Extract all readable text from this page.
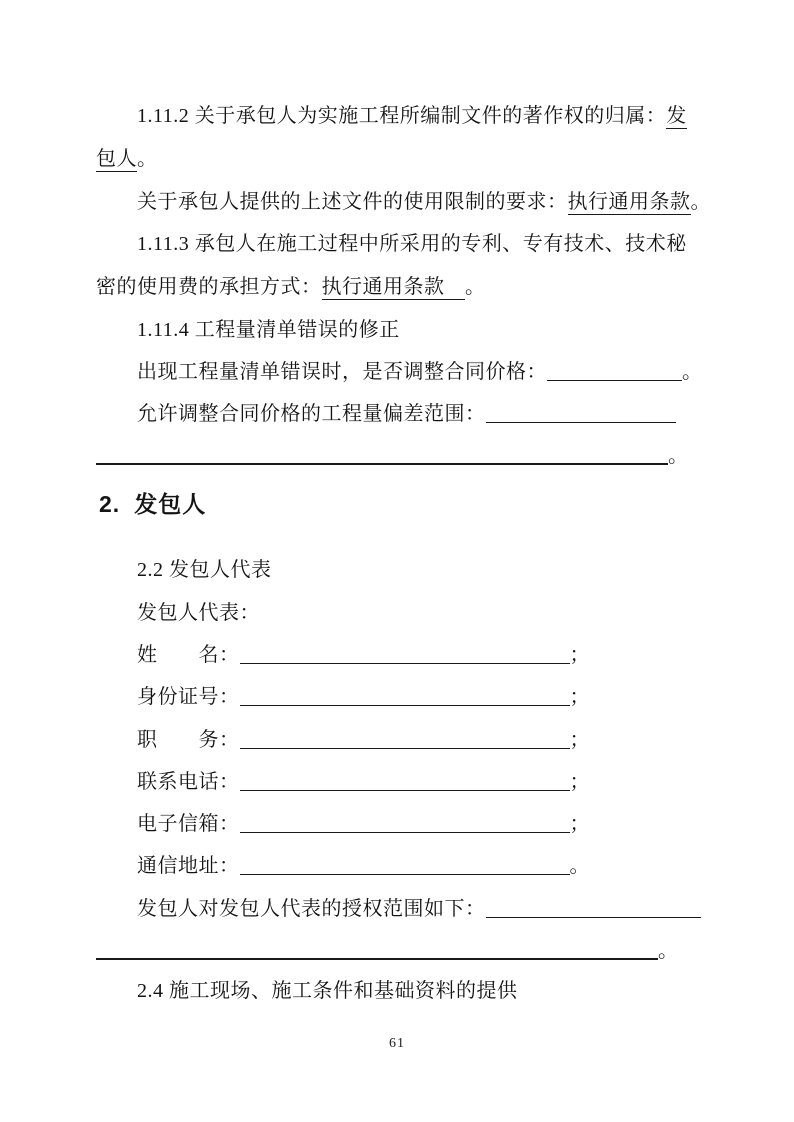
1.11.2 关于承包人为实施工程所编制文件的著作权的归属：发
包人。
关于承包人提供的上述文件的使用限制的要求：执行通用条款。
1.11.3 承包人在施工过程中所采用的专利、专有技术、技术秘
密的使用费的承担方式：执行通用条款　。
1.11.4 工程量清单错误的修正
出现工程量清单错误时，是否调整合同价格：	。
允许调整合同价格的工程量偏差范围：
。
2. 发包人
2.2 发包人代表
发包人代表：
姓　　名：	；
身份证号：	；
职　　务：	；
联系电话：	；
电子信箱：	；
通信地址：	。
发包人对发包人代表的授权范围如下：
。
2.4 施工现场、施工条件和基础资料的提供
61
